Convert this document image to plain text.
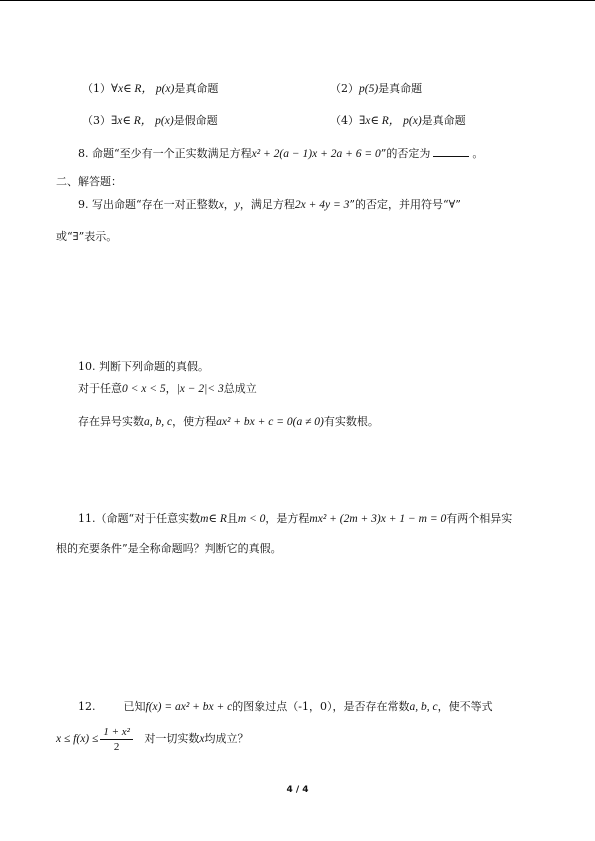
（1）∀x∈ R， p(x)是真命题	（2）p(5)是真命题
（3）∃x∈ R， p(x)是假命题	（4）∃x∈ R， p(x)是真命题
8. 命题“至少有一个正实数满足方程x² + 2(a − 1)x + 2a + 6 = 0”的否定为	。
二、解答题：
9. 写出命题“存在一对正整数x，y，满足方程2x + 4y = 3”的否定，并用符号“∀”
或“∃”表示。
10. 判断下列命题的真假。
对于任意0 < x < 5，|x − 2|< 3总成立
存在异号实数a, b, c，使方程ax² + bx + c = 0(a ≠ 0)有实数根。
11.（命题“对于任意实数m∈ R且m < 0，是方程mx² + (2m + 3)x + 1 − m = 0有两个相异实
根的充要条件”是全称命题吗？判断它的真假。
12.	已知f(x) = ax² + bx + c的图象过点（-1，0），是否存在常数a, b, c，使不等式
$x \le f(x) \le \frac{\text{1 + x²}}{2}$ 对一切实数x均成立？
4 / 4
